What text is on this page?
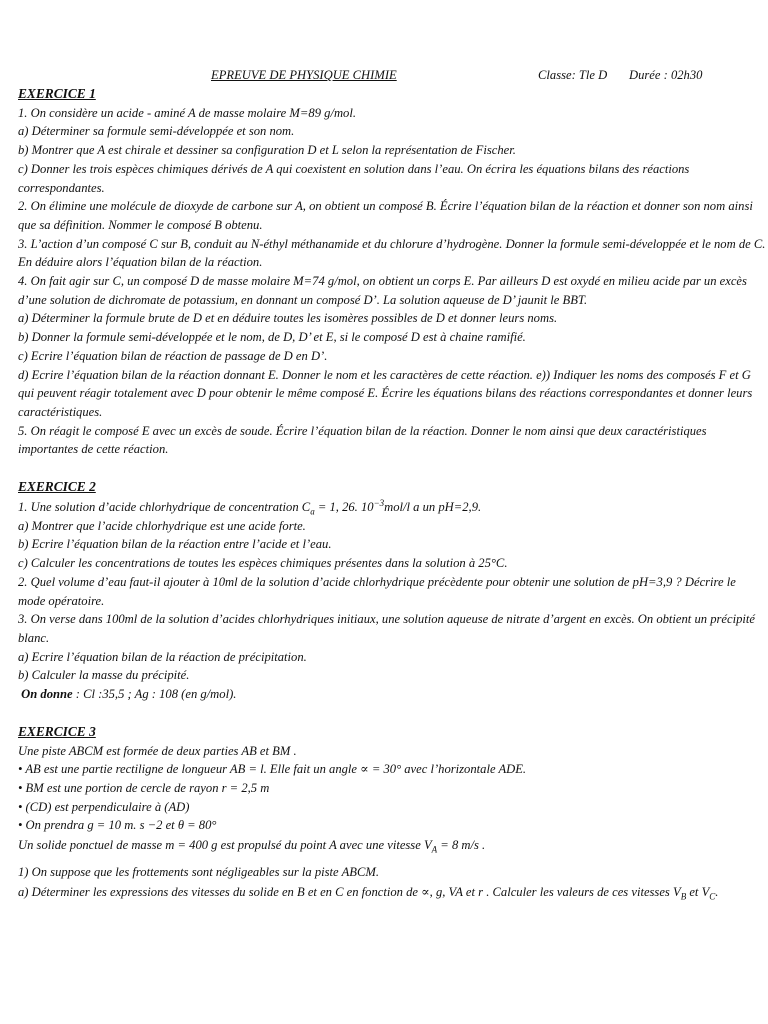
EPREUVE DE PHYSIQUE CHIMIE	Classe: Tle D Durée : 02h30
EXERCICE 1

1. On considère un acide - aminé A de masse molaire M=89 g/mol.

a) Déterminer sa formule semi-développée et son nom.

b) Montrer que A est chirale et dessiner sa configuration D et L selon la représentation de Fischer.

c) Donner les trois espèces chimiques dérivés de A qui coexistent en solution dans l’eau. On écrira les équations bilans des réactions correspondantes.

2. On élimine une molécule de dioxyde de carbone sur A, on obtient un composé B. Écrire l’équation bilan de la réaction et donner son nom ainsi que sa définition. Nommer le composé B obtenu.

3. L’action d’un composé C sur B, conduit au N-éthyl méthanamide et du chlorure d’hydrogène. Donner la formule semi-développée et le nom de C. En déduire alors l’équation bilan de la réaction.

4. On fait agir sur C, un composé D de masse molaire M=74 g/mol, on obtient un corps E. Par ailleurs D est oxydé en milieu acide par un excès d’une solution de dichromate de potassium, en donnant un composé D’. La solution aqueuse de D’ jaunit le BBT.

a) Déterminer la formule brute de D et en déduire toutes les isomères possibles de D et donner leurs noms.

b) Donner la formule semi-développée et le nom, de D, D’ et E, si le composé D est à chaine ramifié.

c) Ecrire l’équation bilan de réaction de passage de D en D’.

d) Ecrire l’équation bilan de la réaction donnant E. Donner le nom et les caractères de cette réaction. e)) Indiquer les noms des composés F et G qui peuvent réagir totalement avec D pour obtenir le même composé E. Écrire les équations bilans des réactions correspondantes et donner leurs caractéristiques.

5. On réagit le composé E avec un excès de soude. Écrire l’équation bilan de la réaction. Donner le nom ainsi que deux caractéristiques importantes de cette réaction.

EXERCICE 2

1. Une solution d’acide chlorhydrique de concentration $C_a = 1$, 26. $10^{-3}mol/l$ a un pH=2,9.

a) Montrer que l’acide chlorhydrique est une acide forte.

b) Ecrire l’équation bilan de la réaction entre l’acide et l’eau.

c) Calculer les concentrations de toutes les espèces chimiques présentes dans la solution à 25°C.

2. Quel volume d’eau faut-il ajouter à 10ml de la solution d’acide chlorhydrique précèdente pour obtenir une solution de pH=3,9 ? Décrire le mode opératoire.

3. On verse dans 100ml de la solution d’acides chlorhydriques initiaux, une solution aqueuse de nitrate d’argent en excès. On obtient un précipité blanc.

a) Ecrire l’équation bilan de la réaction de précipitation.

b) Calculer la masse du précipité.

On donne : Cl :35,5 ; Ag : 108 (en g/mol).

EXERCICE 3

Une piste ABCM est formée de deux parties AB et BM .

• AB est une partie rectiligne de longueur AB = l. Elle fait un angle ∝ = 30° avec l’horizontale ADE.

• BM est une portion de cercle de rayon r = 2,5 m

• (CD) est perpendiculaire à (AD)

• On prendra g = 10 m. s −2 et θ = 80°

Un solide ponctuel de masse m = 400 g est propulsé du point A avec une vitesse $V_A = 8$ m/s .

1) On suppose que les frottements sont négligeables sur la piste ABCM.

a) Déterminer les expressions des vitesses du solide en B et en C en fonction de ∝, g, VA et r . Calculer les valeurs de ces vitesses $V_B$ et $V_C$.
